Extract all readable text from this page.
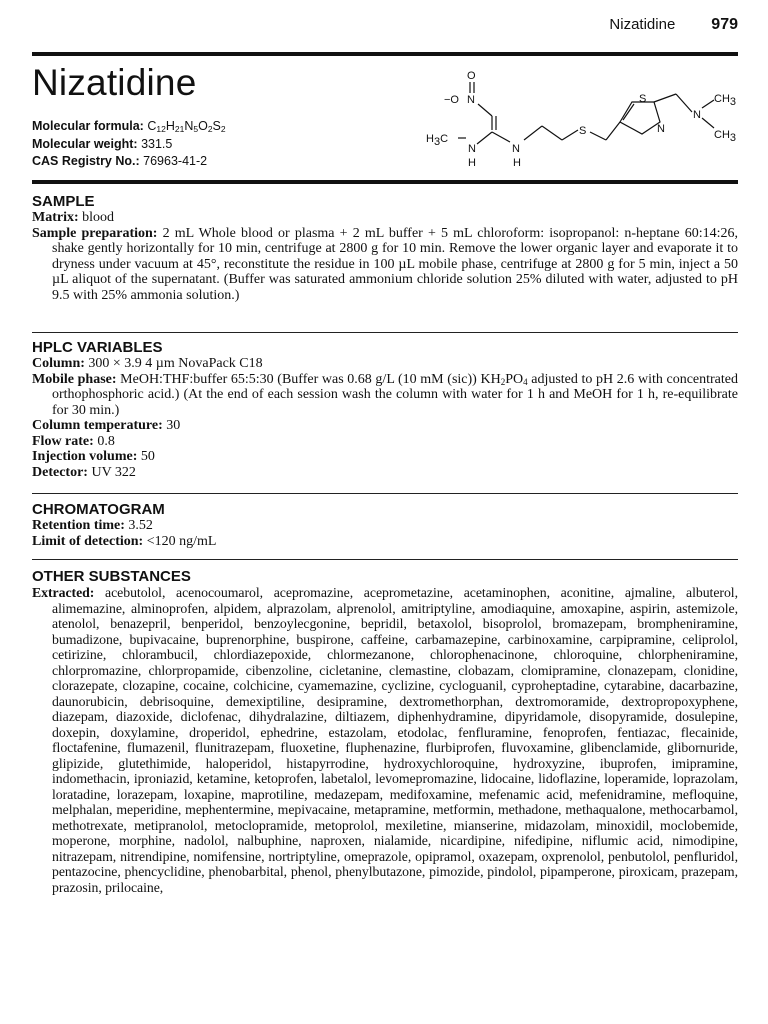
Nizatidine 979
Nizatidine
Molecular formula: $C_{12}H_{21}N_5O_2S_2$
Molecular weight: 331.5
CAS Registry No.: 76963-41-2
O
N
−O
H3C
N
H
N
H
S
S
N
N
CH3
CH3
SAMPLE

Matrix: blood

Sample preparation: 2 mL Whole blood or plasma + 2 mL buffer + 5 mL chloroform: isopropanol: n-heptane 60:14:26, shake gently horizontally for 10 min, centrifuge at 2800 g for 10 min. Remove the lower organic layer and evaporate it to dryness under vacuum at 45°, reconstitute the residue in 100 µL mobile phase, centrifuge at 2800 g for 5 min, inject a 50 µL aliquot of the supernatant. (Buffer was saturated ammonium chloride solution 25% diluted with water, adjusted to pH 9.5 with 25% ammonia solution.)

HPLC VARIABLES

Column: 300 × 3.9 4 µm NovaPack C18

Mobile phase: MeOH:THF:buffer 65:5:30 (Buffer was 0.68 g/L (10 mM (sic)) $KH_2PO_4$ adjusted to pH 2.6 with concentrated orthophosphoric acid.) (At the end of each session wash the column with water for 1 h and MeOH for 1 h, re-equilibrate for 30 min.)

Column temperature: 30

Flow rate: 0.8

Injection volume: 50

Detector: UV 322

CHROMATOGRAM

Retention time: 3.52

Limit of detection: <120 ng/mL

OTHER SUBSTANCES

Extracted: acebutolol, acenocoumarol, acepromazine, aceprometazine, acetaminophen, aconitine, ajmaline, albuterol, alimemazine, alminoprofen, alpidem, alprazolam, alprenolol, amitriptyline, amodiaquine, amoxapine, aspirin, astemizole, atenolol, benazepril, benperidol, benzoylecgonine, bepridil, betaxolol, bisoprolol, bromazepam, brompheniramine, bumadizone, bupivacaine, buprenorphine, buspirone, caffeine, carbamazepine, carbinoxamine, carpipramine, celiprolol, cetirizine, chlorambucil, chlordiazepoxide, chlormezanone, chlorophenacinone, chloroquine, chlorpheniramine, chlorpromazine, chlorpropamide, cibenzoline, cicletanine, clemastine, clobazam, clomipramine, clonazepam, clonidine, clorazepate, clozapine, cocaine, colchicine, cyamemazine, cyclizine, cycloguanil, cyproheptadine, cytarabine, dacarbazine, daunorubicin, debrisoquine, demexiptiline, desipramine, dextromethorphan, dextromoramide, dextropropoxyphene, diazepam, diazoxide, diclofenac, dihydralazine, diltiazem, diphenhydramine, dipyridamole, disopyramide, dosulepine, doxepin, doxylamine, droperidol, ephedrine, estazolam, etodolac, fenfluramine, fenoprofen, fentiazac, flecainide, floctafenine, flumazenil, flunitrazepam, fluoxetine, fluphenazine, flurbiprofen, fluvoxamine, glibenclamide, glibornuride, glipizide, glutethimide, haloperidol, histapyrrodine, hydroxychloroquine, hydroxyzine, ibuprofen, imipramine, indomethacin, iproniazid, ketamine, ketoprofen, labetalol, levomepromazine, lidocaine, lidoflazine, loperamide, loprazolam, loratadine, lorazepam, loxapine, maprotiline, medazepam, medifoxamine, mefenamic acid, mefenidramine, mefloquine, melphalan, meperidine, mephentermine, mepivacaine, metapramine, metformin, methadone, methaqualone, methocarbamol, methotrexate, metipranolol, metoclopramide, metoprolol, mexiletine, mianserine, midazolam, minoxidil, moclobemide, moperone, morphine, nadolol, nalbuphine, naproxen, nialamide, nicardipine, nifedipine, niflumic acid, nimodipine, nitrazepam, nitrendipine, nomifensine, nortriptyline, omeprazole, opipramol, oxazepam, oxprenolol, penbutolol, penfluridol, pentazocine, phencyclidine, phenobarbital, phenol, phenylbutazone, pimozide, pindolol, pipamperone, piroxicam, prazepam, prazosin, prilocaine,
